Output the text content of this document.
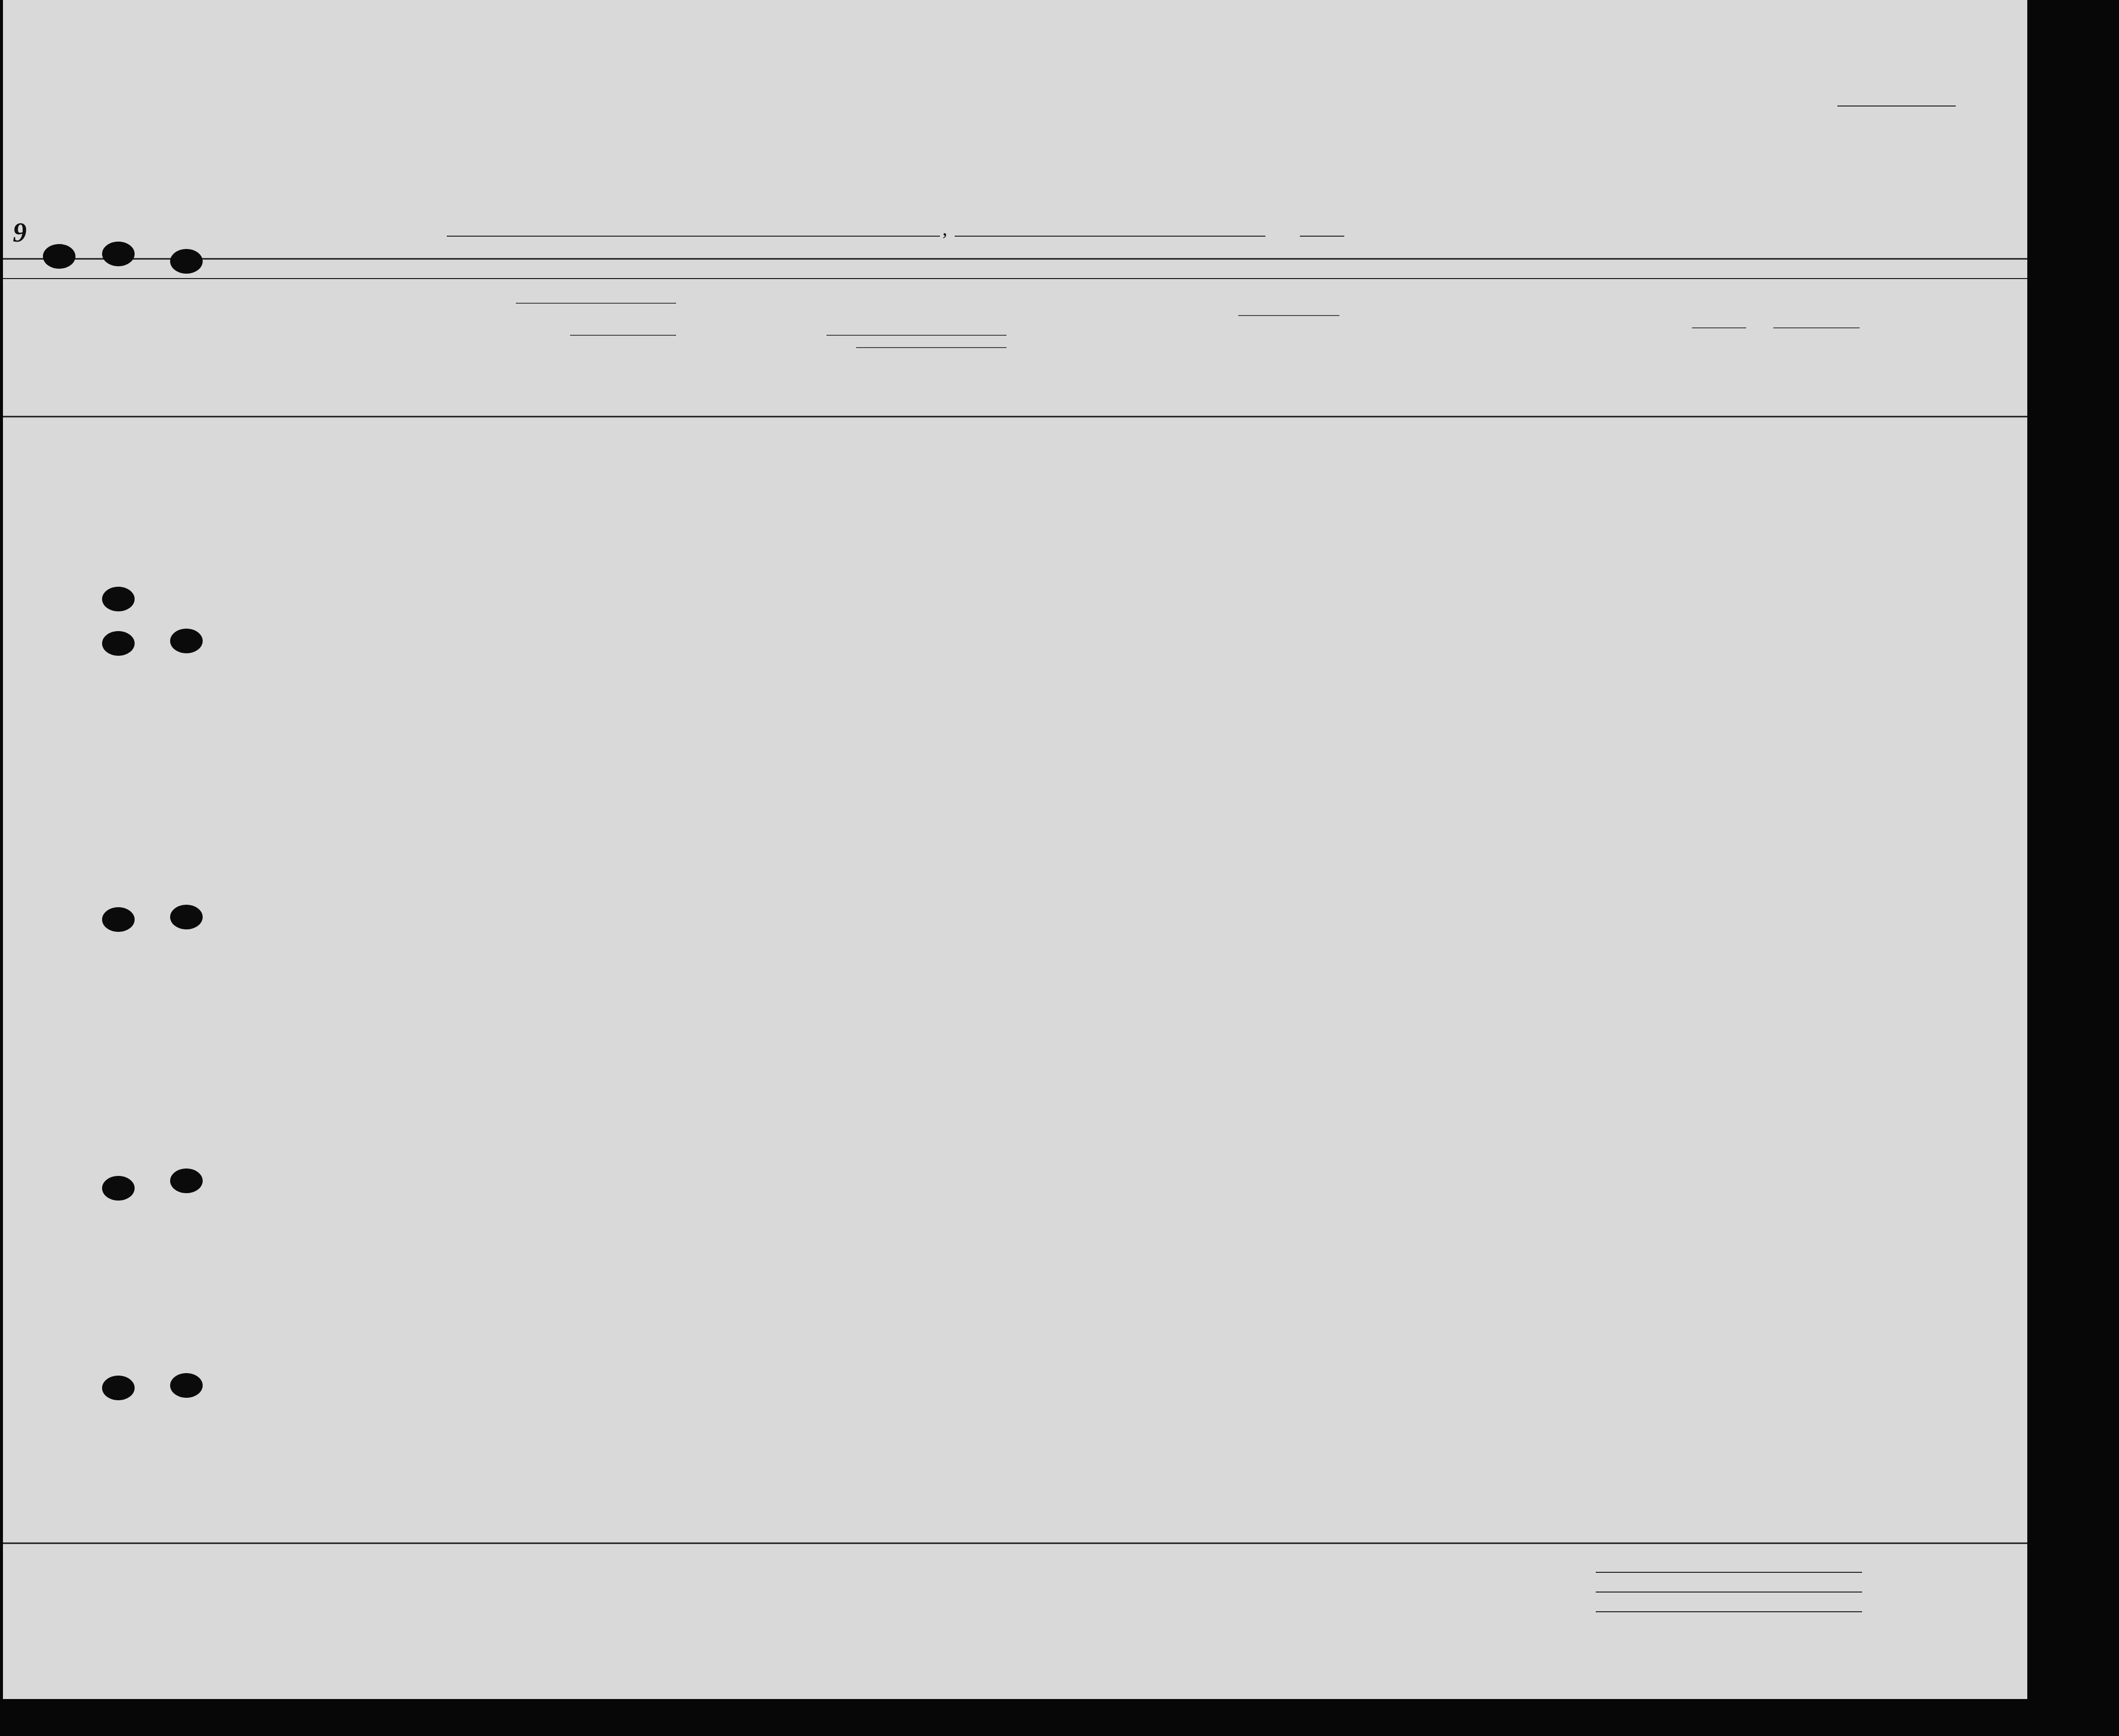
9	,
